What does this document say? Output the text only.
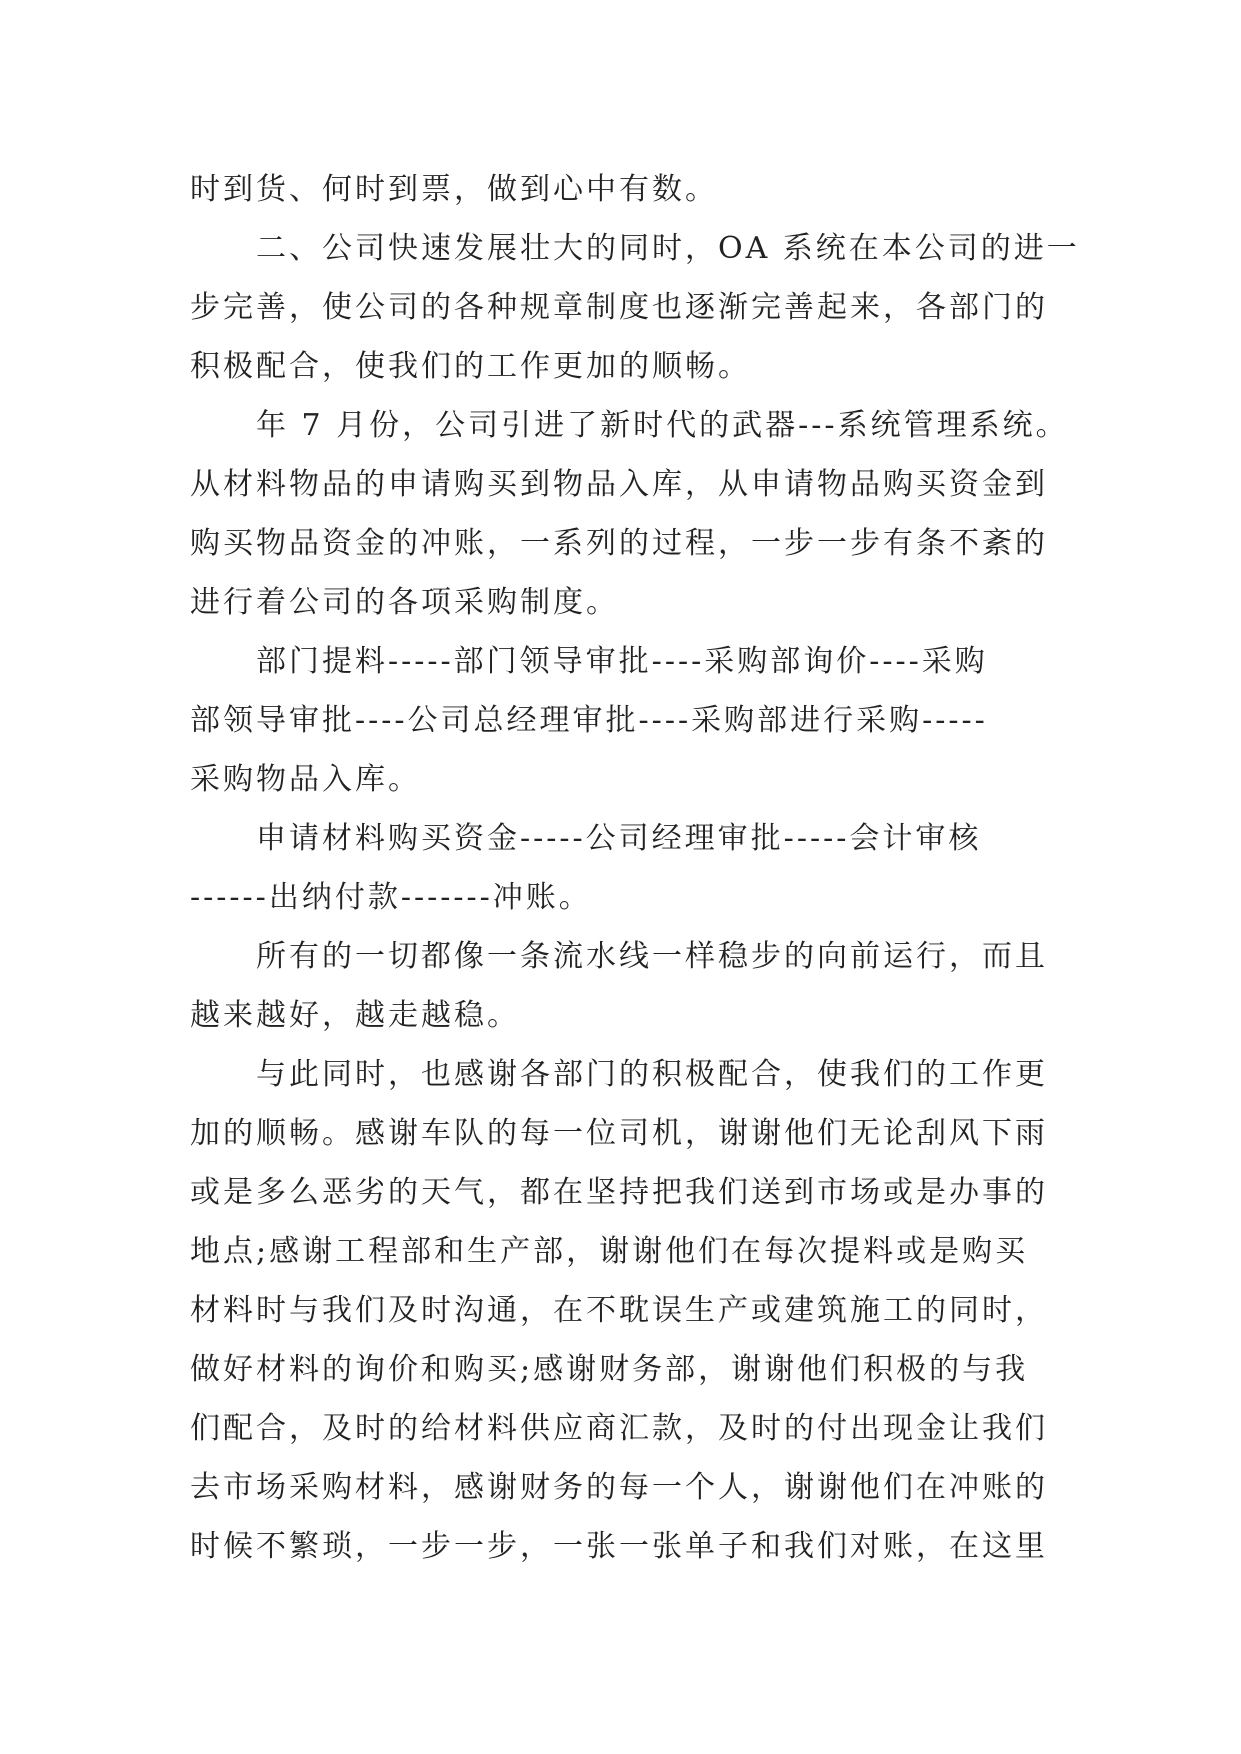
时到货、何时到票，做到心中有数。

　　二、公司快速发展壮大的同时，OA 系统在本公司的进一

步完善，使公司的各种规章制度也逐渐完善起来，各部门的

积极配合，使我们的工作更加的顺畅。

　　年 7 月份，公司引进了新时代的武器---系统管理系统。

从材料物品的申请购买到物品入库，从申请物品购买资金到

购买物品资金的冲账，一系列的过程，一步一步有条不紊的

进行着公司的各项采购制度。

　　部门提料-----部门领导审批----采购部询价----采购

部领导审批----公司总经理审批----采购部进行采购-----

采购物品入库。

　　申请材料购买资金-----公司经理审批-----会计审核

------出纳付款-------冲账。

　　所有的一切都像一条流水线一样稳步的向前运行，而且

越来越好，越走越稳。

　　与此同时，也感谢各部门的积极配合，使我们的工作更

加的顺畅。感谢车队的每一位司机，谢谢他们无论刮风下雨

或是多么恶劣的天气，都在坚持把我们送到市场或是办事的

地点;感谢工程部和生产部，谢谢他们在每次提料或是购买

材料时与我们及时沟通，在不耽误生产或建筑施工的同时，

做好材料的询价和购买;感谢财务部，谢谢他们积极的与我

们配合，及时的给材料供应商汇款，及时的付出现金让我们

去市场采购材料，感谢财务的每一个人，谢谢他们在冲账的

时候不繁琐，一步一步，一张一张单子和我们对账，在这里
